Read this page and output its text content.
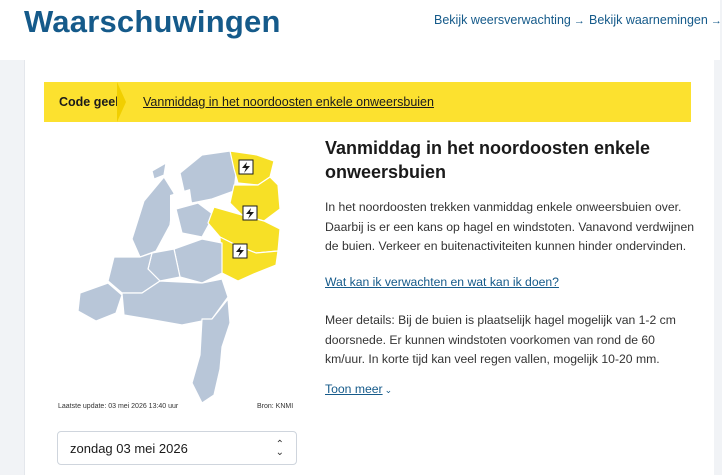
Waarschuwingen	Bekijk weersverwachting → Bekijk waarnemingen →
Code geel	Vanmiddag in het noordoosten enkele onweersbuien
Laatste update: 03 mei 2026 13:40 uur	Bron: KNMI
zondag 03 mei 2026	⌃
⌄
Vanmiddag in het noordoosten enkele onweersbuien

In het noordoosten trekken vanmiddag enkele onweersbuien over. Daarbij is er een kans op hagel en windstoten. Vanavond verdwijnen de buien. Verkeer en buitenactiviteiten kunnen hinder ondervinden.

Wat kan ik verwachten en wat kan ik doen?

Meer details: Bij de buien is plaatselijk hagel mogelijk van 1-2 cm doorsnede. Er kunnen windstoten voorkomen van rond de 60 km/uur. In korte tijd kan veel regen vallen, mogelijk 10-20 mm.

Toon meer ⌄
